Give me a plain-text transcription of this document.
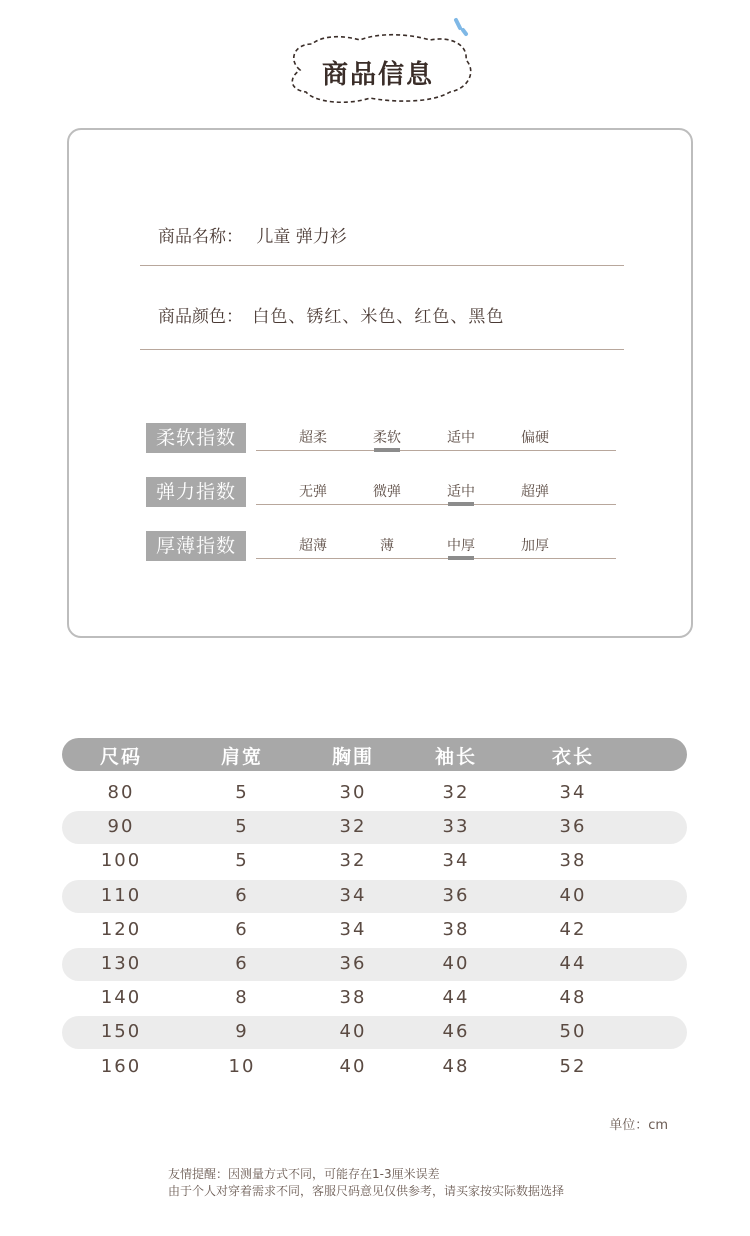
商品信息
商品名称： 儿童 弹力衫
商品颜色： 白色、锈红、米色、红色、黑色
柔软指数	超柔	柔软	适中	偏硬
弹力指数	无弹	微弹	适中	超弹
厚薄指数	超薄	薄	中厚	加厚
尺码	肩宽	胸围	袖长	衣长
80	5	30	32	34
90	5	32	33	36
100	5	32	34	38
110	6	34	36	40
120	6	34	38	42
130	6	36	40	44
140	8	38	44	48
150	9	40	46	50
160	10	40	48	52
单位：cm
友情提醒：因测量方式不同，可能存在1-3厘米误差
由于个人对穿着需求不同，客服尺码意见仅供参考，请买家按实际数据选择
